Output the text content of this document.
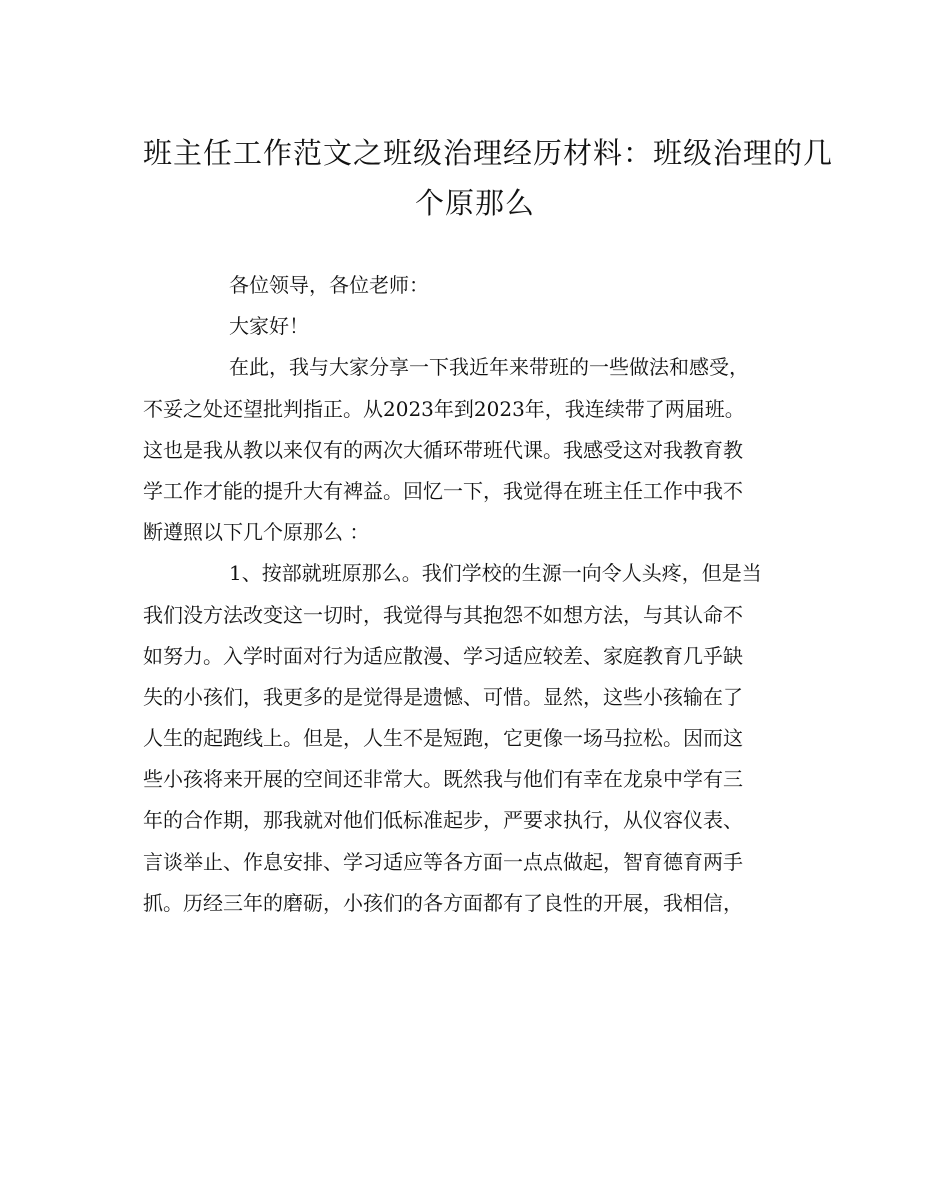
班主任工作范文之班级治理经历材料：班级治理的几
个原那么

各位领导，各位老师：

大家好！

在此，我与大家分享一下我近年来带班的一些做法和感受，
不妥之处还望批判指正。从2023年到2023年，我连续带了两届班。
这也是我从教以来仅有的两次大循环带班代课。我感受这对我教育教
学工作才能的提升大有裨益。回忆一下，我觉得在班主任工作中我不
断遵照以下几个原那么 ：

1、按部就班原那么。我们学校的生源一向令人头疼，但是当
我们没方法改变这一切时，我觉得与其抱怨不如想方法，与其认命不
如努力。入学时面对行为适应散漫、学习适应较差、家庭教育几乎缺
失的小孩们，我更多的是觉得是遗憾、可惜。显然，这些小孩输在了
人生的起跑线上。但是，人生不是短跑，它更像一场马拉松。因而这
些小孩将来开展的空间还非常大。既然我与他们有幸在龙泉中学有三
年的合作期，那我就对他们低标准起步，严要求执行，从仪容仪表、
言谈举止、作息安排、学习适应等各方面一点点做起，智育德育两手
抓。历经三年的磨砺，小孩们的各方面都有了良性的开展，我相信，
